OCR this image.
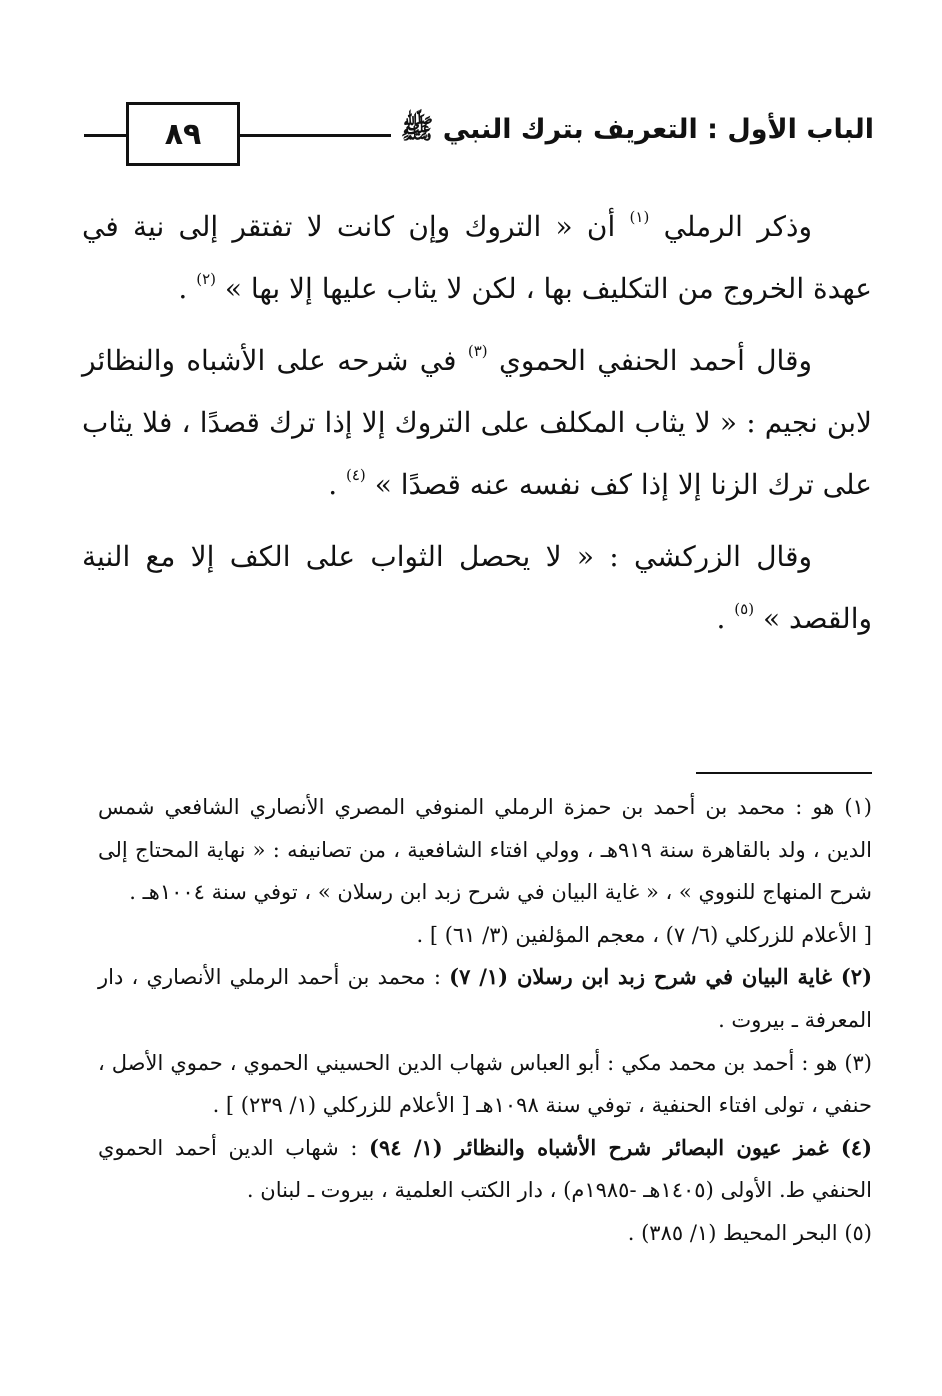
٨٩	الباب الأول : التعريف بترك النبي ﷺ

وذكر الرملي $^{(١)}$ أن « التروك وإن كانت لا تفتقر إلى نية في عهدة الخروج من التكليف بها ، لكن لا يثاب عليها إلا بها » $^{(٢)}$ .

وقال أحمد الحنفي الحموي $^{(٣)}$ في شرحه على الأشباه والنظائر لابن نجيم : « لا يثاب المكلف على التروك إلا إذا ترك قصدًا ، فلا يثاب على ترك الزنا إلا إذا كف نفسه عنه قصدًا » $^{(٤)}$ .

وقال الزركشي : « لا يحصل الثواب على الكف إلا مع النية والقصد » $^{(٥)}$ .

(١) هو : محمد بن أحمد بن حمزة الرملي المنوفي المصري الأنصاري الشافعي شمس الدين ، ولد بالقاهرة سنة ٩١٩هـ ، وولي افتاء الشافعية ، من تصانيفه : « نهاية المحتاج إلى شرح المنهاج للنووي » ، « غاية البيان في شرح زبد ابن رسلان » ، توفي سنة ١٠٠٤هـ .

[ الأعلام للزركلي (٦/ ٧) ، معجم المؤلفين (٣/ ٦١) ] .

(٢) غاية البيان في شرح زبد ابن رسلان (١/ ٧) : محمد بن أحمد الرملي الأنصاري ، دار المعرفة ـ بيروت .

(٣) هو : أحمد بن محمد مكي : أبو العباس شهاب الدين الحسيني الحموي ، حموي الأصل ، حنفي ، تولى افتاء الحنفية ، توفي سنة ١٠٩٨هـ [ الأعلام للزركلي (١/ ٢٣٩) ] .

(٤) غمز عيون البصائر شرح الأشباه والنظائر (١/ ٩٤) : شهاب الدين أحمد الحموي الحنفي ط. الأولى (١٤٠٥هـ -١٩٨٥م) ، دار الكتب العلمية ، بيروت ـ لبنان .

(٥) البحر المحيط (١/ ٣٨٥) .
